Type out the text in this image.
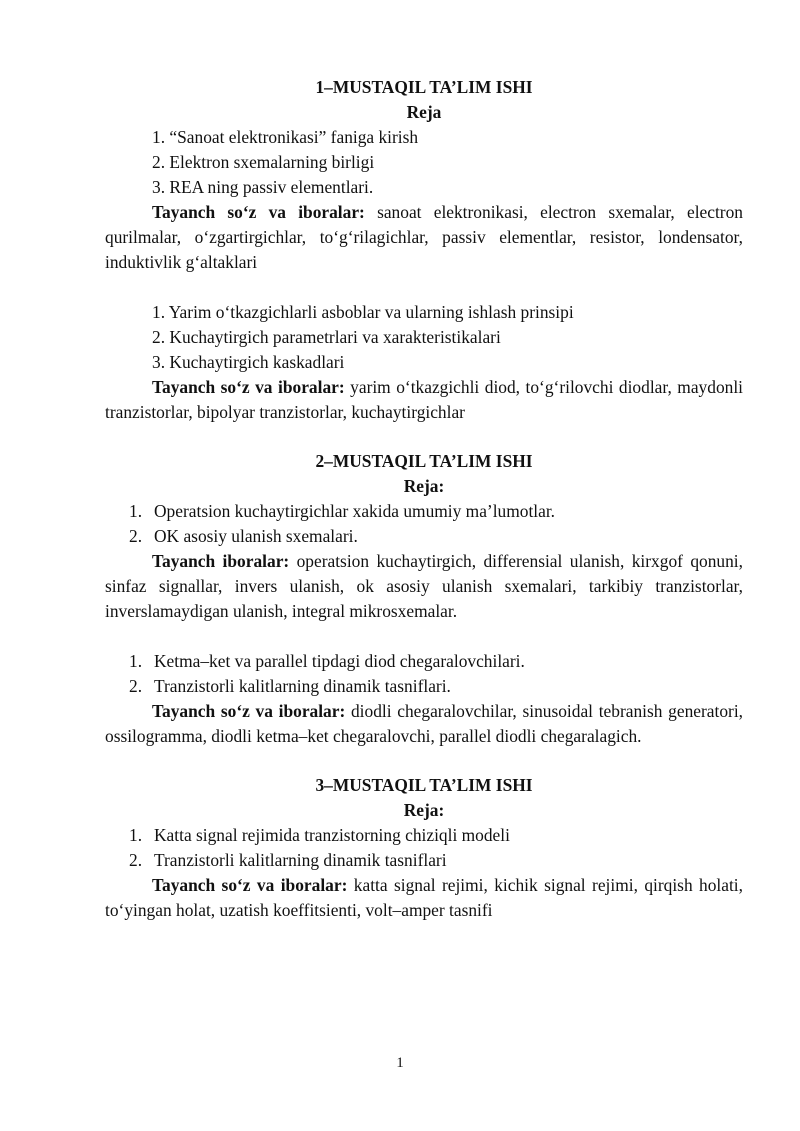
1–MUSTAQIL TA’LIM ISHI
Reja
1. “Sanoat elektronikasi” faniga kirish
2. Elektron sxemalarning birligi
3. REA ning passiv elementlari.
Tayanch so‘z va iboralar: sanoat elektronikasi, electron sxemalar, electron qurilmalar, o‘zgartirgichlar, to‘g‘rilagichlar, passiv elementlar, resistor, londensator, induktivlik g‘altaklari
1. Yarim o‘tkazgichlarli asboblar va ularning ishlash prinsipi
2. Kuchaytirgich parametrlari va xarakteristikalari
3. Kuchaytirgich kaskadlari
Tayanch so‘z va iboralar: yarim o‘tkazgichli diod, to‘g‘rilovchi diodlar, maydonli tranzistorlar, bipolyar tranzistorlar, kuchaytirgichlar
2–MUSTAQIL TA’LIM ISHI
Reja:
1. Operatsion kuchaytirgichlar xakida umumiy ma’lumotlar.
2. OK asosiy ulanish sxemalari.
Tayanch iboralar: operatsion kuchaytirgich, differensial ulanish, kirxgof qonuni, sinfaz signallar, invers ulanish, ok asosiy ulanish sxemalari, tarkibiy tranzistorlar, inverslamaydigan ulanish, integral mikrosxemalar.
1. Ketma–ket va parallel tipdagi diod chegaralovchilari.
2. Tranzistorli kalitlarning dinamik tasniflari.
Tayanch so‘z va iboralar: diodli chegaralovchilar, sinusoidal tebranish generatori, ossilogramma, diodli ketma–ket chegaralovchi, parallel diodli chegaralagich.
3–MUSTAQIL TA’LIM ISHI
Reja:
1. Katta signal rejimida tranzistorning chiziqli modeli
2. Tranzistorli kalitlarning dinamik tasniflari
Tayanch so‘z va iboralar: katta signal rejimi, kichik signal rejimi, qirqish holati, to‘yingan holat, uzatish koeffitsienti, volt–amper tasnifi
1
